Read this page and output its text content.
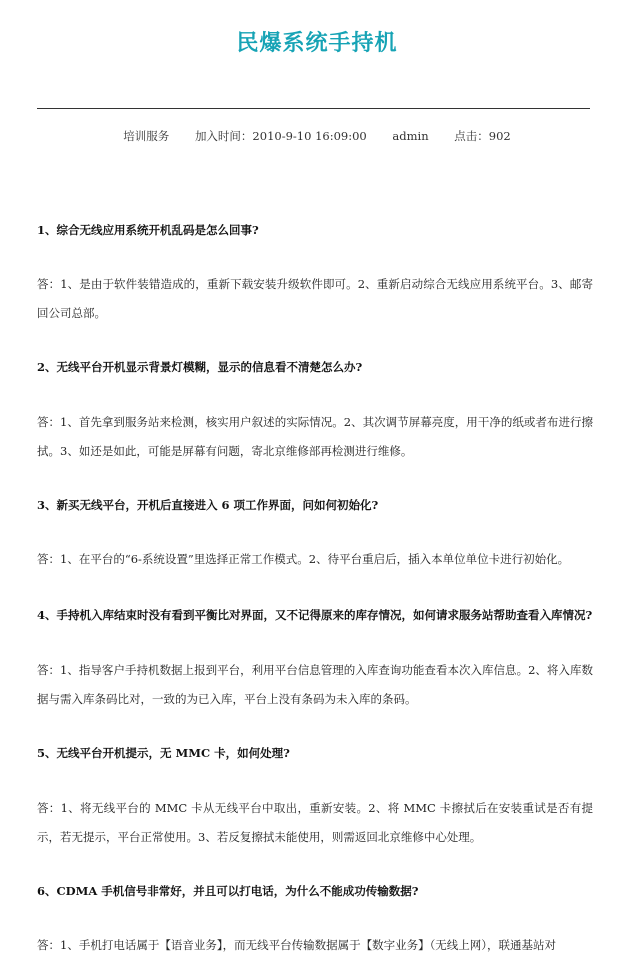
民爆系统手持机
培训服务 加入时间：2010-9-10 16:09:00 admin 点击：902

1、综合无线应用系统开机乱码是怎么回事?

答：1、是由于软件装错造成的，重新下载安装升级软件即可。2、重新启动综合无线应用系统平台。3、邮寄回公司总部。

2、无线平台开机显示背景灯模糊，显示的信息看不清楚怎么办?

答：1、首先拿到服务站来检测，核实用户叙述的实际情况。2、其次调节屏幕亮度，用干净的纸或者布进行擦拭。3、如还是如此，可能是屏幕有问题，寄北京维修部再检测进行维修。

3、新买无线平台，开机后直接进入 6 项工作界面，问如何初始化?

答：1、在平台的“6-系统设置”里选择正常工作模式。2、待平台重启后，插入本单位单位卡进行初始化。

4、手持机入库结束时没有看到平衡比对界面，又不记得原来的库存情况，如何请求服务站帮助查看入库情况?

答：1、指导客户手持机数据上报到平台，利用平台信息管理的入库查询功能查看本次入库信息。2、将入库数据与需入库条码比对，一致的为已入库，平台上没有条码为未入库的条码。

5、无线平台开机提示，无 MMC 卡，如何处理?

答：1、将无线平台的 MMC 卡从无线平台中取出，重新安装。2、将 MMC 卡擦拭后在安装重试是否有提示，若无提示，平台正常使用。3、若反复擦拭未能使用，则需返回北京维修中心处理。

6、CDMA 手机信号非常好，并且可以打电话，为什么不能成功传输数据?

答：1、手机打电话属于【语音业务】，而无线平台传输数据属于【数字业务】（无线上网），联通基站对
